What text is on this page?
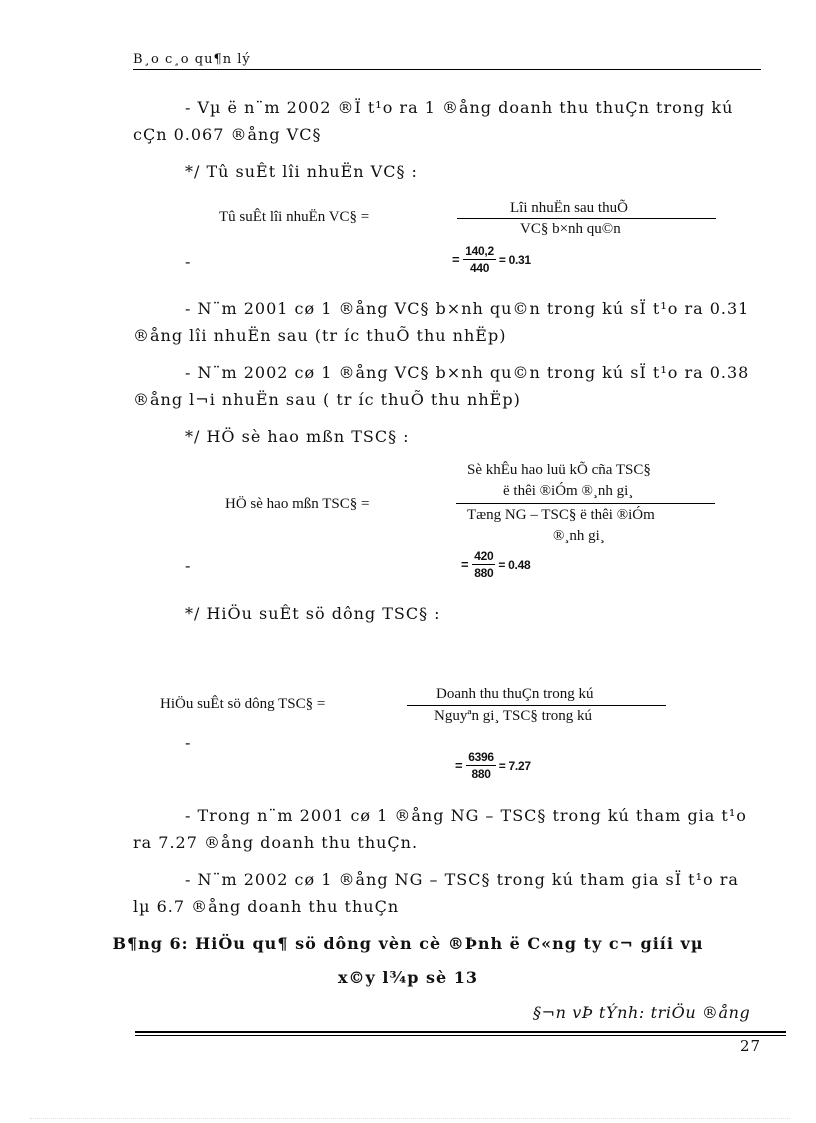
B¸o c¸o qu¶n lý
- Vµ ë n¨m 2002 ®Ï t¹o ra 1 ®ång doanh thu thuÇn trong kú
cÇn 0.067 ®ång VC§
*/ Tû suÊt lîi nhuËn VC§ :
Tû suÊt lîi nhuËn VC§ =
Lîi nhuËn sau thuÕ
VC§ b×nh qu©n
-	= $\frac{140,2}{440} = 0.31$
- N¨m 2001 cø 1 ®ång VC§ b×nh qu©n trong kú sÏ t¹o ra 0.31
®ång lîi nhuËn sau (tr íc thuÕ thu nhËp)
- N¨m 2002 cø 1 ®ång VC§ b×nh qu©n trong kú sÏ t¹o ra 0.38
®ång l¬i nhuËn sau ( tr íc thuÕ thu nhËp)
*/ HÖ sè hao mßn TSC§ :
HÖ sè hao mßn TSC§ =
Sè khÊu hao luü kÕ cña TSC§
ë thêi ®iÓm ®¸nh gi¸
Tæng NG – TSC§ ë thêi ®iÓm
®¸nh gi¸
-	= $\frac{420}{880} = 0.48$
*/ HiÖu suÊt sö dông TSC§ :
HiÖu suÊt sö dông TSC§ =
Doanh thu thuÇn trong kú
Nguyªn gi¸ TSC§ trong kú
-
= $\frac{6396}{880} = 7.27$
- Trong n¨m 2001 cø 1 ®ång NG – TSC§ trong kú tham gia t¹o
ra 7.27 ®ång doanh thu thuÇn.
- N¨m 2002 cø 1 ®ång NG – TSC§ trong kú tham gia sÏ t¹o ra
lµ 6.7 ®ång doanh thu thuÇn
B¶ng 6: HiÖu qu¶ sö dông vèn cè ®Þnh ë C«ng ty c¬ giíi vµ
x©y l¾p sè 13
§¬n vÞ tÝnh: triÖu ®ång
27
